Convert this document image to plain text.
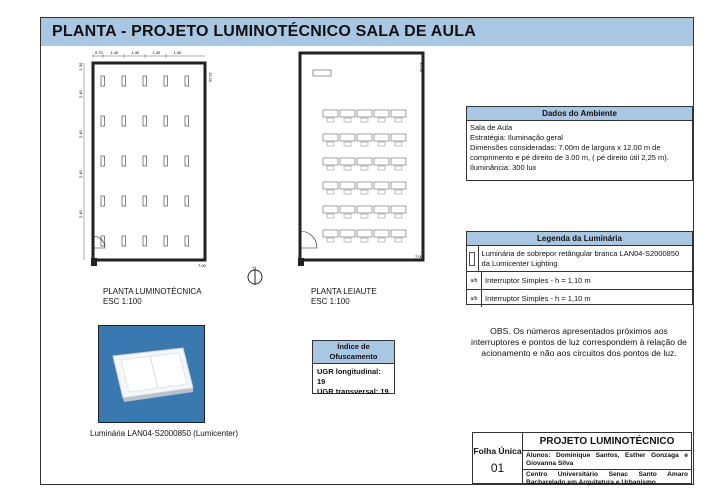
PLANTA - PROJETO LUMINOTÉCNICO SALA DE AULA
0.70 1.40	1.40	1.40	1.40
1.30
2.40
2.40
2.40
2.40
12.00
7.00
PLANTA LUMINOTÉCNICA
ESC 1:100
12.00
7.00
PLANTA LEIAUTE
ESC 1:100
N
Dados do Ambiente
Sala de Aula
Estratégia: Iluminação geral
Dimensões consideradas: 7.00m de largura x 12.00 m de comprimento e pé direito de 3.00 m, ( pé direito útil 2,25 m).
Iluminância: 300 lux
Legenda da Luminária
Luminária de sobrepor retângular branca LAN04-S2000850 da Lumicenter Lighting
a/b	Interruptor Simples - h = 1,10 m
a/b	Interruptor Simples - h = 1,10 m
OBS. Os números apresentados próximos aos interruptores e pontos de luz correspondem à relação de acionamento e não aos circuitos dos pontos de luz.
Luminária LAN04-S2000850 (Lumicenter)
Índice de Ofuscamento
UGR longitudinal: 19
UGR transversal: 19
Folha Única
01
PROJETO LUMINOTÉCNICO
Alunos: Dominique Santos, Esther Gonzaga e Giovanna Silva
Centro Universitário Senac Santo Amaro Bacharelado em Arquitetura e Urbanismo
